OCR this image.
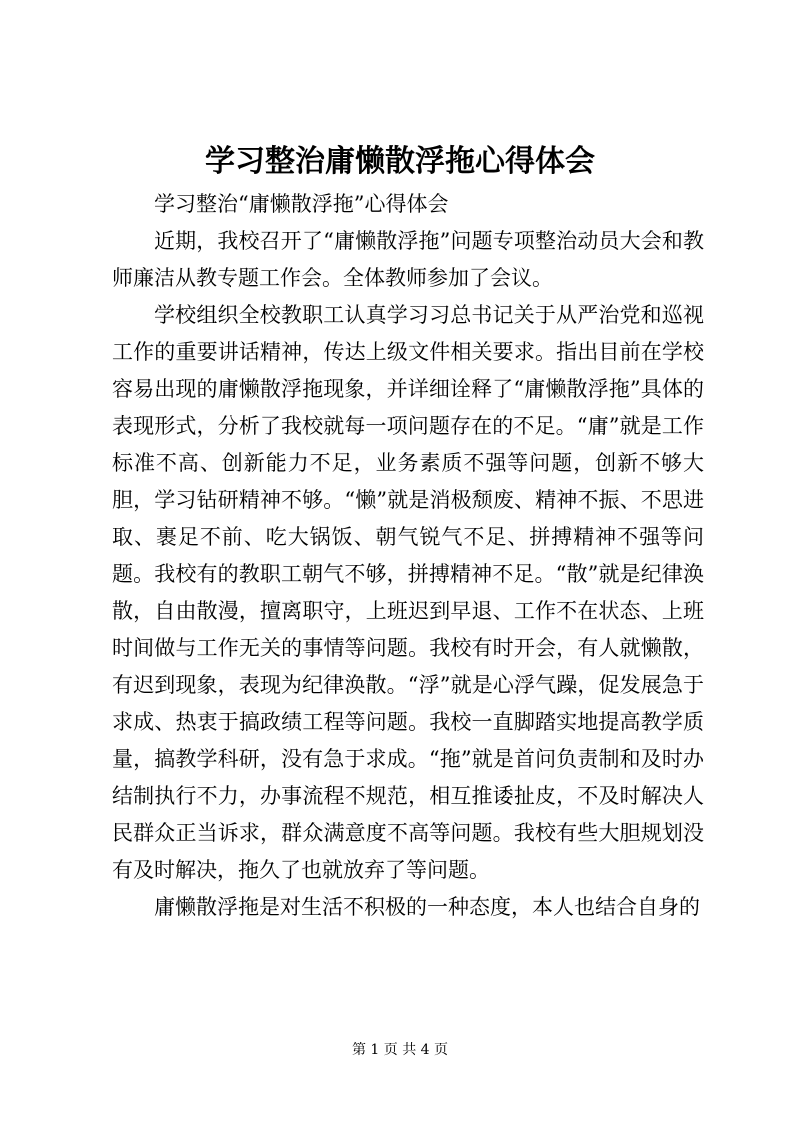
学习整治庸懒散浮拖心得体会

学习整治“庸懒散浮拖”心得体会

近期，我校召开了“庸懒散浮拖”问题专项整治动员大会和教师廉洁从教专题工作会。全体教师参加了会议。

学校组织全校教职工认真学习习总书记关于从严治党和巡视工作的重要讲话精神，传达上级文件相关要求。指出目前在学校容易出现的庸懒散浮拖现象，并详细诠释了“庸懒散浮拖”具体的表现形式，分析了我校就每一项问题存在的不足。“庸”就是工作标准不高、创新能力不足，业务素质不强等问题，创新不够大胆，学习钻研精神不够。“懒”就是消极颓废、精神不振、不思进取、裹足不前、吃大锅饭、朝气锐气不足、拼搏精神不强等问题。我校有的教职工朝气不够，拼搏精神不足。“散”就是纪律涣散，自由散漫，擅离职守，上班迟到早退、工作不在状态、上班时间做与工作无关的事情等问题。我校有时开会，有人就懒散，有迟到现象，表现为纪律涣散。“浮”就是心浮气躁，促发展急于求成、热衷于搞政绩工程等问题。我校一直脚踏实地提高教学质量，搞教学科研，没有急于求成。“拖”就是首问负责制和及时办结制执行不力，办事流程不规范，相互推诿扯皮，不及时解决人民群众正当诉求，群众满意度不高等问题。我校有些大胆规划没有及时解决，拖久了也就放弃了等问题。

庸懒散浮拖是对生活不积极的一种态度，本人也结合自身的

第 1 页 共 4 页
